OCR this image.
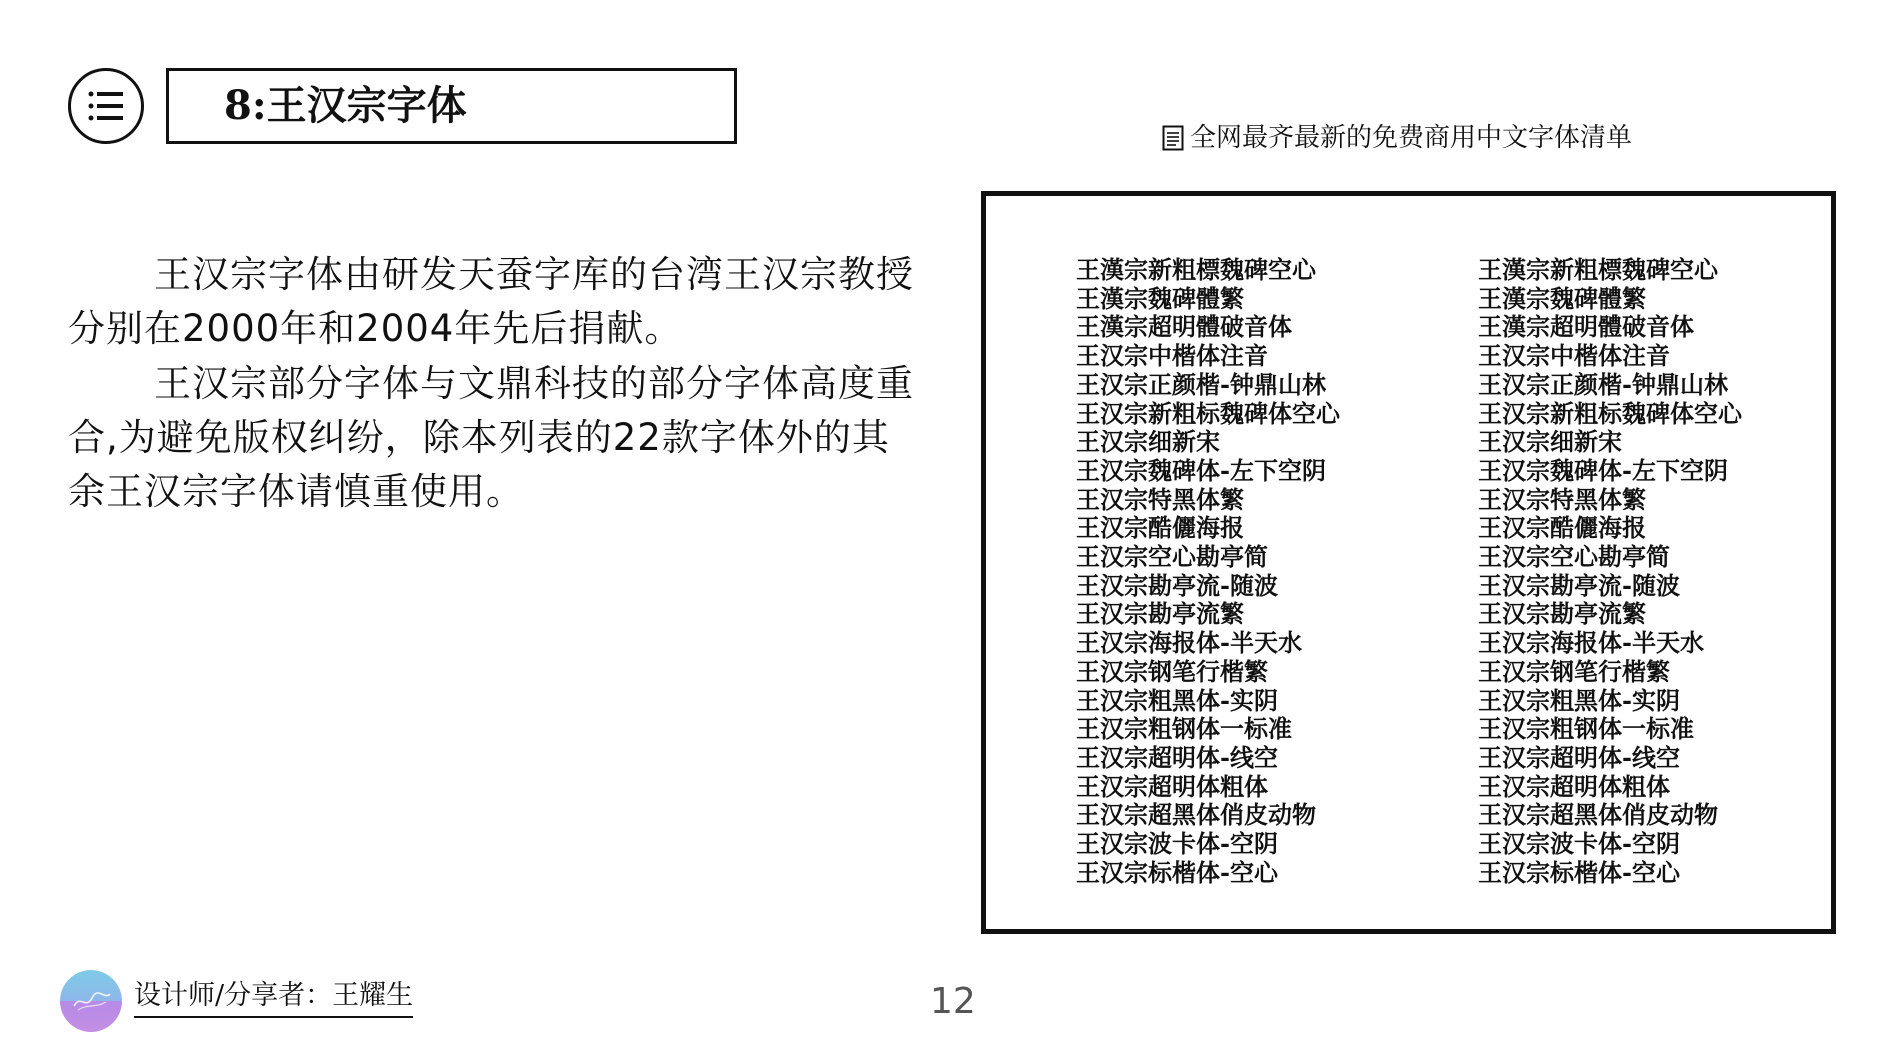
8:王汉宗字体
全网最齐最新的免费商用中文字体清单

王汉宗字体由研发天蚕字库的台湾王汉宗教授分别在2000年和2004年先后捐献。

王汉宗部分字体与文鼎科技的部分字体高度重合,为避免版权纠纷，除本列表的22款字体外的其余王汉宗字体请慎重使用。

王漢宗新粗標魏碑空心
王漢宗魏碑體繁
王漢宗超明體破音体
王汉宗中楷体注音
王汉宗正颜楷-钟鼎山林
王汉宗新粗标魏碑体空心
王汉宗细新宋
王汉宗魏碑体-左下空阴
王汉宗特黑体繁
王汉宗酷儷海报
王汉宗空心勘亭简
王汉宗勘亭流-随波
王汉宗勘亭流繁
王汉宗海报体-半天水
王汉宗钢笔行楷繁
王汉宗粗黑体-实阴
王汉宗粗钢体一标准
王汉宗超明体-线空
王汉宗超明体粗体
王汉宗超黑体俏皮动物
王汉宗波卡体-空阴
王汉宗标楷体-空心
王漢宗新粗標魏碑空心
王漢宗魏碑體繁
王漢宗超明體破音体
王汉宗中楷体注音
王汉宗正颜楷-钟鼎山林
王汉宗新粗标魏碑体空心
王汉宗细新宋
王汉宗魏碑体-左下空阴
王汉宗特黑体繁
王汉宗酷儷海报
王汉宗空心勘亭简
王汉宗勘亭流-随波
王汉宗勘亭流繁
王汉宗海报体-半天水
王汉宗钢笔行楷繁
王汉宗粗黑体-实阴
王汉宗粗钢体一标准
王汉宗超明体-线空
王汉宗超明体粗体
王汉宗超黑体俏皮动物
王汉宗波卡体-空阴
王汉宗标楷体-空心
设计师/分享者：王耀生	12
